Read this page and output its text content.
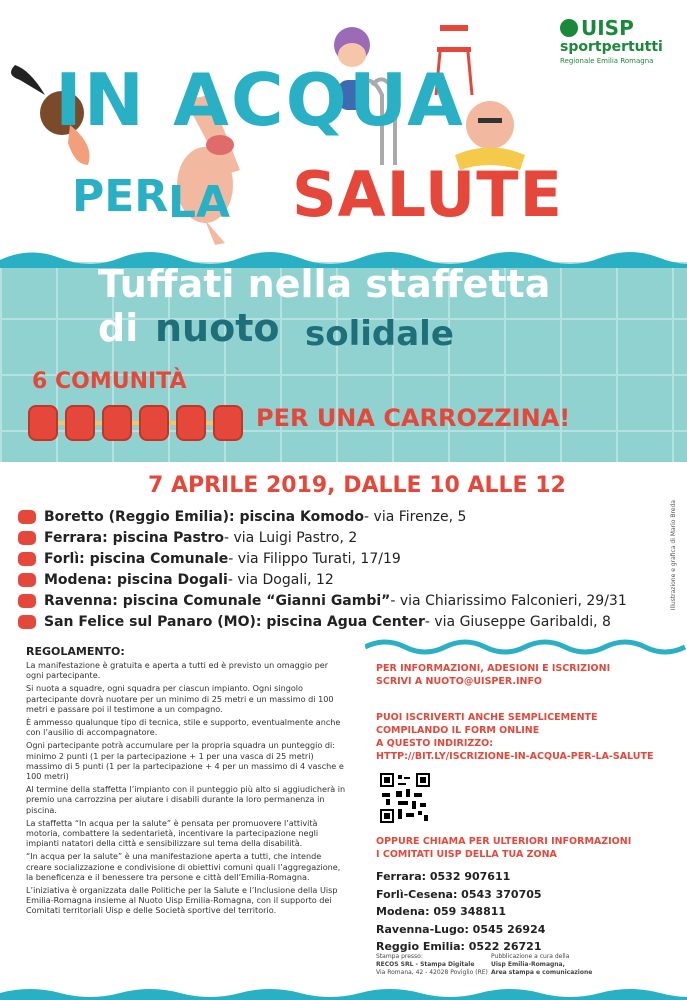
UISP
sportpertutti
Regionale Emilia Romagna
IN ACQUA
PER LA SALUTE
Tuffati nella staffetta
di nuoto solidale
6 COMUNITÀ
PER UNA CARROZZINA!
7 APRILE 2019, DALLE 10 ALLE 12
Illustrazione e grafica di Mario Breda
Boretto (Reggio Emilia): piscina Komodo - via Firenze, 5
Ferrara: piscina Pastro - via Luigi Pastro, 2
Forlì: piscina Comunale - via Filippo Turati, 17/19
Modena: piscina Dogali - via Dogali, 12
Ravenna: piscina Comunale “Gianni Gambi” - via Chiarissimo Falconieri, 29/31
San Felice sul Panaro (MO): piscina Agua Center - via Giuseppe Garibaldi, 8
REGOLAMENTO:

La manifestazione è gratuita e aperta a tutti ed è previsto un omaggio per ogni partecipante.

Si nuota a squadre, ogni squadra per ciascun impianto. Ogni singolo partecipante dovrà nuotare per un minimo di 25 metri e un massimo di 100 metri e passare poi il testimone a un compagno.

È ammesso qualunque tipo di tecnica, stile e supporto, eventualmente anche con l’ausilio di accompagnatore.

Ogni partecipante potrà accumulare per la propria squadra un punteggio di: minimo 2 punti (1 per la partecipazione + 1 per una vasca di 25 metri) massimo di 5 punti (1 per la partecipazione + 4 per un massimo di 4 vasche e 100 metri)

Al termine della staffetta l’impianto con il punteggio più alto si aggiudicherà in premio una carrozzina per aiutare i disabili durante la loro permanenza in piscina.

La staffetta “In acqua per la salute” è pensata per promuovere l’attività motoria, combattere la sedentarietà, incentivare la partecipazione negli impianti natatori della città e sensibilizzare sul tema della disabilità.

“In acqua per la salute” è una manifestazione aperta a tutti, che intende creare socializzazione e condivisione di obiettivi comuni quali l’aggregazione, la beneficenza e il benessere tra persone e città dell’Emilia-Romagna.

L’iniziativa è organizzata dalle Politiche per la Salute e l’Inclusione della Uisp Emilia-Romagna insieme al Nuoto Uisp Emilia-Romagna, con il supporto dei Comitati territoriali Uisp e delle Società sportive del territorio.

PER INFORMAZIONI, ADESIONI E ISCRIZIONI
SCRIVI A NUOTO@UISPER.INFO
PUOI ISCRIVERTI ANCHE SEMPLICEMENTE
COMPILANDO IL FORM ONLINE
A QUESTO INDIRIZZO:
HTTP://BIT.LY/ISCRIZIONE-IN-ACQUA-PER-LA-SALUTE
OPPURE CHIAMA PER ULTERIORI INFORMAZIONI
I COMITATI UISP DELLA TUA ZONA
Ferrara: 0532 907611
Forlì-Cesena: 0543 370705
Modena: 059 348811
Ravenna-Lugo: 0545 26924
Reggio Emilia: 0522 26721
Stampa presso:
RECOS SRL - Stampa Digitale
Via Romana, 42 - 42028 Poviglio (RE)
Pubblicazione a cura della
Uisp Emilia-Romagna,
Area stampa e comunicazione
